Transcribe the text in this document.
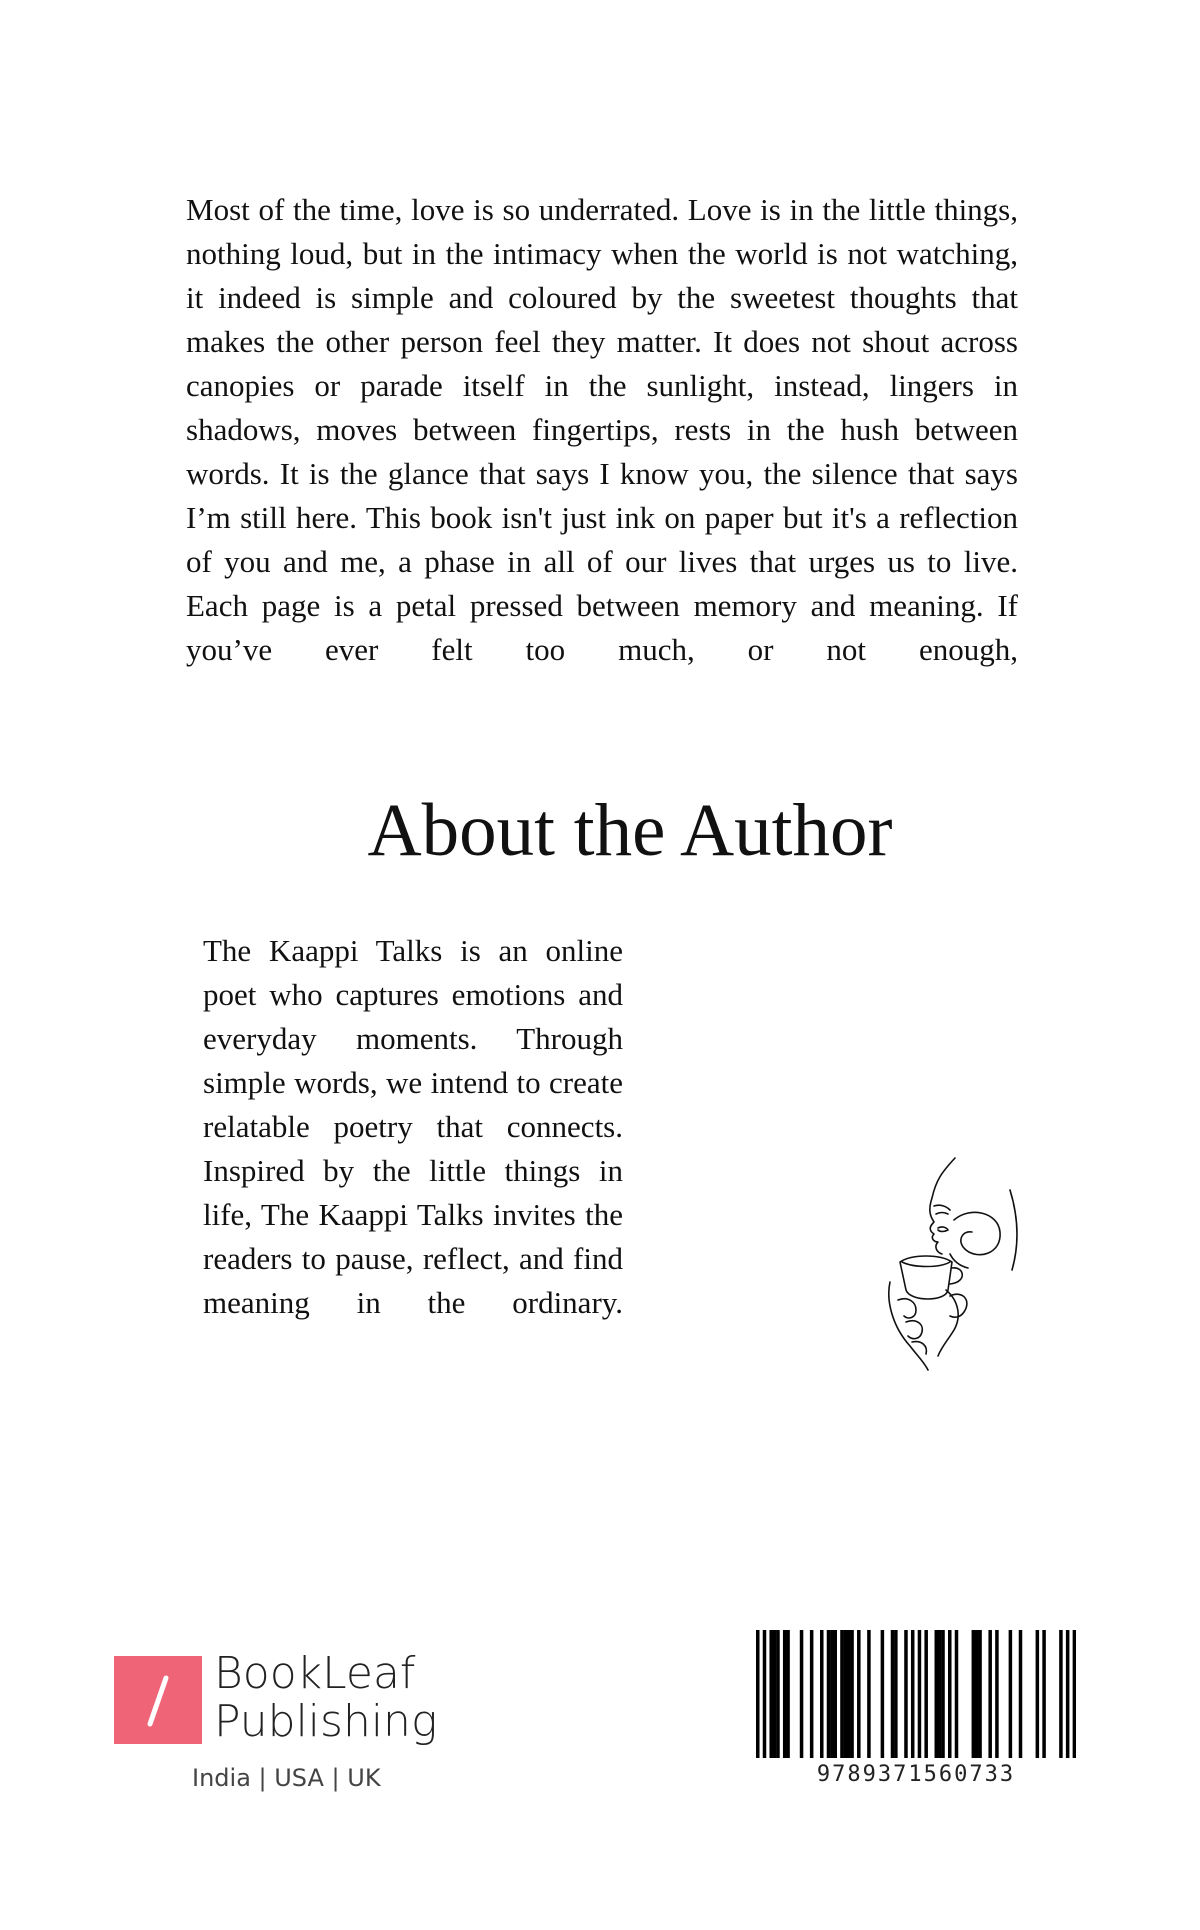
Most of the time, love is so underrated. Love is in the little things, nothing loud, but in the intimacy when the world is not watching, it indeed is simple and coloured by the sweetest thoughts that makes the other person feel they matter. It does not shout across canopies or parade itself in the sunlight, instead, lingers in shadows, moves between fingertips, rests in the hush between words. It is the glance that says I know you, the silence that says I’m still here. This book isn't just ink on paper but it's a reflection of you and me, a phase in all of our lives that urges us to live. Each page is a petal pressed between memory and meaning. If you’ve ever felt too much, or not enough,

About the Author

The Kaappi Talks is an online poet who captures emotions and everyday moments. Through simple words, we intend to create relatable poetry that connects. Inspired by the little things in life, The Kaappi Talks invites the readers to pause, reflect, and find meaning in the ordinary.

BookLeaf
Publishing
India | USA | UK	9789371560733
